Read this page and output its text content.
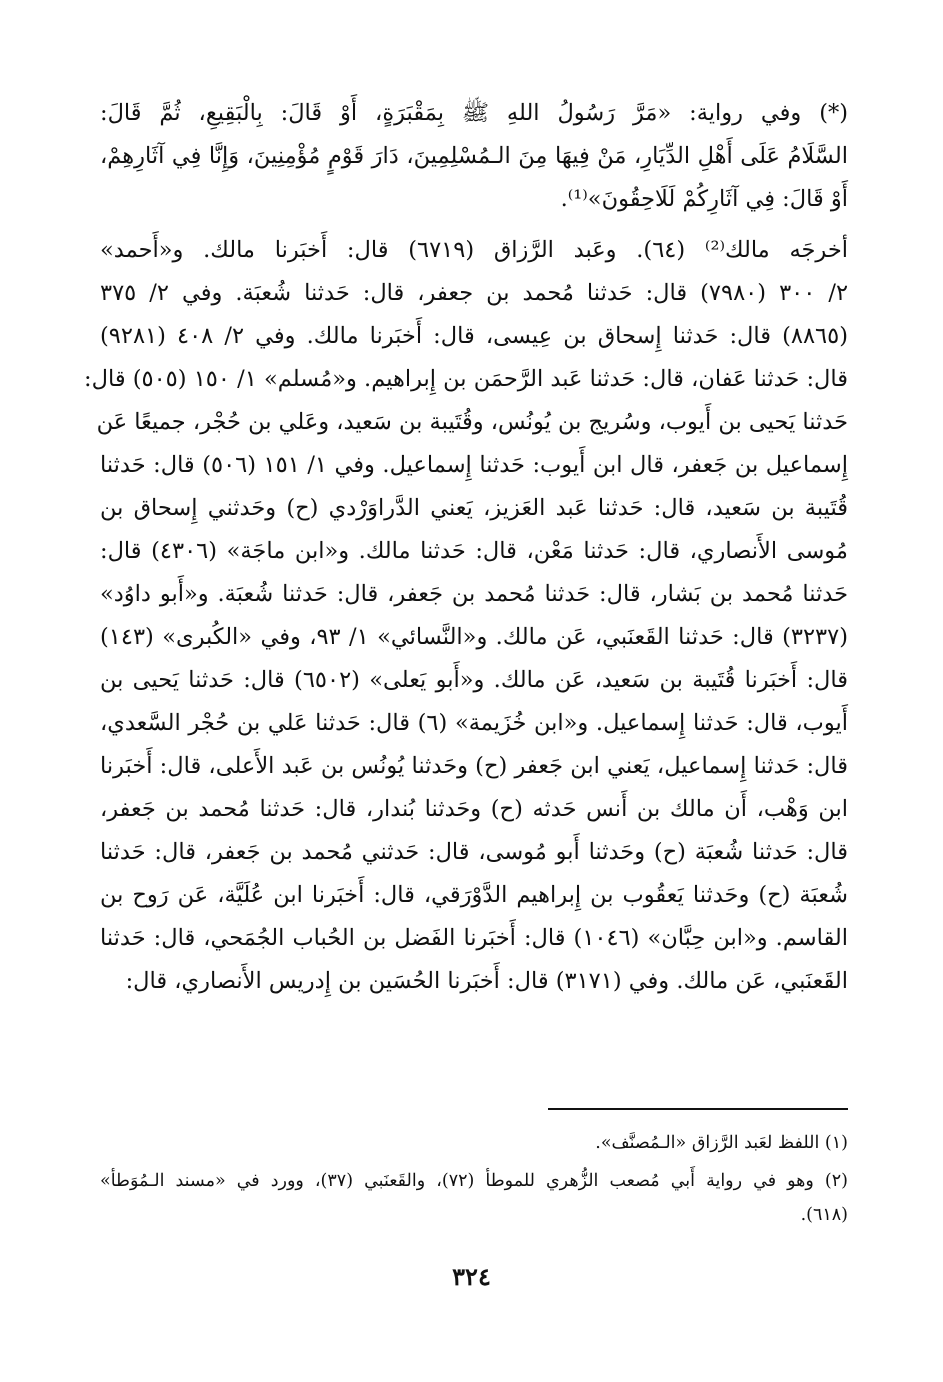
(*) وفي رواية: «مَرَّ رَسُولُ اللهِ ﷺ بِمَقْبَرَةٍ، أَوْ قَالَ: بِالْبَقِيعِ، ثُمَّ قَالَ:
السَّلَامُ عَلَى أَهْلِ الدِّيَارِ، مَنْ فِيهَا مِنَ الـمُسْلِمِينَ، دَارَ قَوْمٍ مُؤْمِنِينَ، وَإِنَّا فِي آثَارِهِمْ،
أَوْ قَالَ: فِي آثَارِكُمْ لَلَاحِقُونَ»⁽¹⁾.

أخرجَه مالك⁽²⁾ (٦٤). وعَبد الرَّزاق (٦٧١٩) قال: أَخبَرنا مالك. و«أَحمد»
٢/ ٣٠٠ (٧٩٨٠) قال: حَدثنا مُحمد بن جعفر، قال: حَدثنا شُعبَة. وفي ٢/ ٣٧٥
(٨٨٦٥) قال: حَدثنا إِسحاق بن عِيسى، قال: أَخبَرنا مالك. وفي ٢/ ٤٠٨ (٩٢٨١)
قال: حَدثنا عَفان، قال: حَدثنا عَبد الرَّحمَن بن إِبراهيم. و«مُسلم» ١/ ١٥٠ (٥٠٥) قال:
حَدثنا يَحيى بن أَيوب، وسُريج بن يُونُس، وقُتَيبة بن سَعيد، وعَلي بن حُجْر، جميعًا عَن
إِسماعيل بن جَعفر، قال ابن أَيوب: حَدثنا إِسماعيل. وفي ١/ ١٥١ (٥٠٦) قال: حَدثنا
قُتَيبة بن سَعيد، قال: حَدثنا عَبد العَزيز، يَعني الدَّراوَرْدي (ح) وحَدثني إِسحاق بن
مُوسى الأَنصاري، قال: حَدثنا مَعْن، قال: حَدثنا مالك. و«ابن ماجَة» (٤٣٠٦) قال:
حَدثنا مُحمد بن بَشار، قال: حَدثنا مُحمد بن جَعفر، قال: حَدثنا شُعبَة. و«أَبو داوُد»
(٣٢٣٧) قال: حَدثنا القَعنَبي، عَن مالك. و«النَّسائي» ١/ ٩٣، وفي «الكُبرى» (١٤٣)
قال: أَخبَرنا قُتَيبة بن سَعيد، عَن مالك. و«أَبو يَعلى» (٦٥٠٢) قال: حَدثنا يَحيى بن
أَيوب، قال: حَدثنا إِسماعيل. و«ابن خُزَيمة» (٦) قال: حَدثنا عَلي بن حُجْر السَّعدي،
قال: حَدثنا إِسماعيل، يَعني ابن جَعفر (ح) وحَدثنا يُونُس بن عَبد الأَعلى، قال: أَخبَرنا
ابن وَهْب، أَن مالك بن أَنس حَدثه (ح) وحَدثنا بُندار، قال: حَدثنا مُحمد بن جَعفر،
قال: حَدثنا شُعبَة (ح) وحَدثنا أَبو مُوسى، قال: حَدثني مُحمد بن جَعفر، قال: حَدثنا
شُعبَة (ح) وحَدثنا يَعقُوب بن إِبراهيم الدَّوْرَقي، قال: أَخبَرنا ابن عُلَيَّة، عَن رَوح بن
القاسم. و«ابن حِبَّان» (١٠٤٦) قال: أَخبَرنا الفَضل بن الحُباب الجُمَحي، قال: حَدثنا
القَعنَبي، عَن مالك. وفي (٣١٧١) قال: أَخبَرنا الحُسَين بن إِدريس الأَنصاري، قال:

(١) اللفظ لعَبد الرَّزاق «الـمُصنَّف».

(٢) وهو في رواية أَبي مُصعب الزُّهري للموطأ (٧٢)، والقَعنَبي (٣٧)، وورد في «مسند الـمُوَطأ»
(٦١٨).

٣٢٤
